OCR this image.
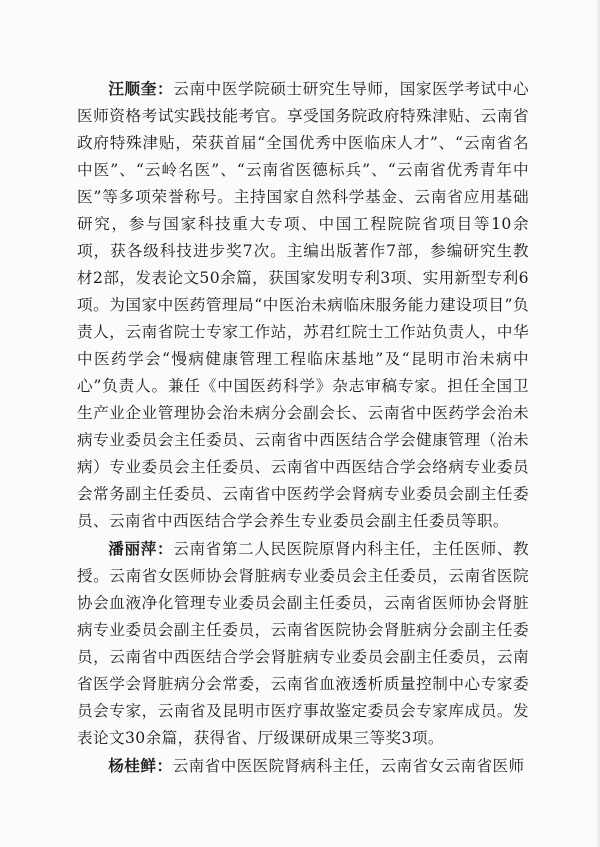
汪顺奎：云南中医学院硕士研究生导师，国家医学考试中心医师资格考试实践技能考官。享受国务院政府特殊津贴、云南省政府特殊津贴，荣获首届“全国优秀中医临床人才”、“云南省名中医”、“云岭名医”、“云南省医德标兵”、“云南省优秀青年中医”等多项荣誉称号。主持国家自然科学基金、云南省应用基础研究，参与国家科技重大专项、中国工程院院省项目等10余项，获各级科技进步奖7次。主编出版著作7部，参编研究生教材2部，发表论文50余篇，获国家发明专利3项、实用新型专利6项。为国家中医药管理局“中医治未病临床服务能力建设项目”负责人，云南省院士专家工作站，苏君红院士工作站负责人，中华中医药学会“慢病健康管理工程临床基地”及“昆明市治未病中心”负责人。兼任《中国医药科学》杂志审稿专家。担任全国卫生产业企业管理协会治未病分会副会长、云南省中医药学会治未病专业委员会主任委员、云南省中西医结合学会健康管理（治未病）专业委员会主任委员、云南省中西医结合学会络病专业委员会常务副主任委员、云南省中医药学会肾病专业委员会副主任委员、云南省中西医结合学会养生专业委员会副主任委员等职。

潘丽萍：云南省第二人民医院原肾内科主任，主任医师、教授。云南省女医师协会肾脏病专业委员会主任委员，云南省医院协会血液净化管理专业委员会副主任委员，云南省医师协会肾脏病专业委员会副主任委员，云南省医院协会肾脏病分会副主任委员，云南省中西医结合学会肾脏病专业委员会副主任委员，云南省医学会肾脏病分会常委，云南省血液透析质量控制中心专家委员会专家，云南省及昆明市医疗事故鉴定委员会专家库成员。发表论文30余篇，获得省、厅级课研成果三等奖3项。

杨桂鲜：云南省中医医院肾病科主任，云南省女云南省医师
